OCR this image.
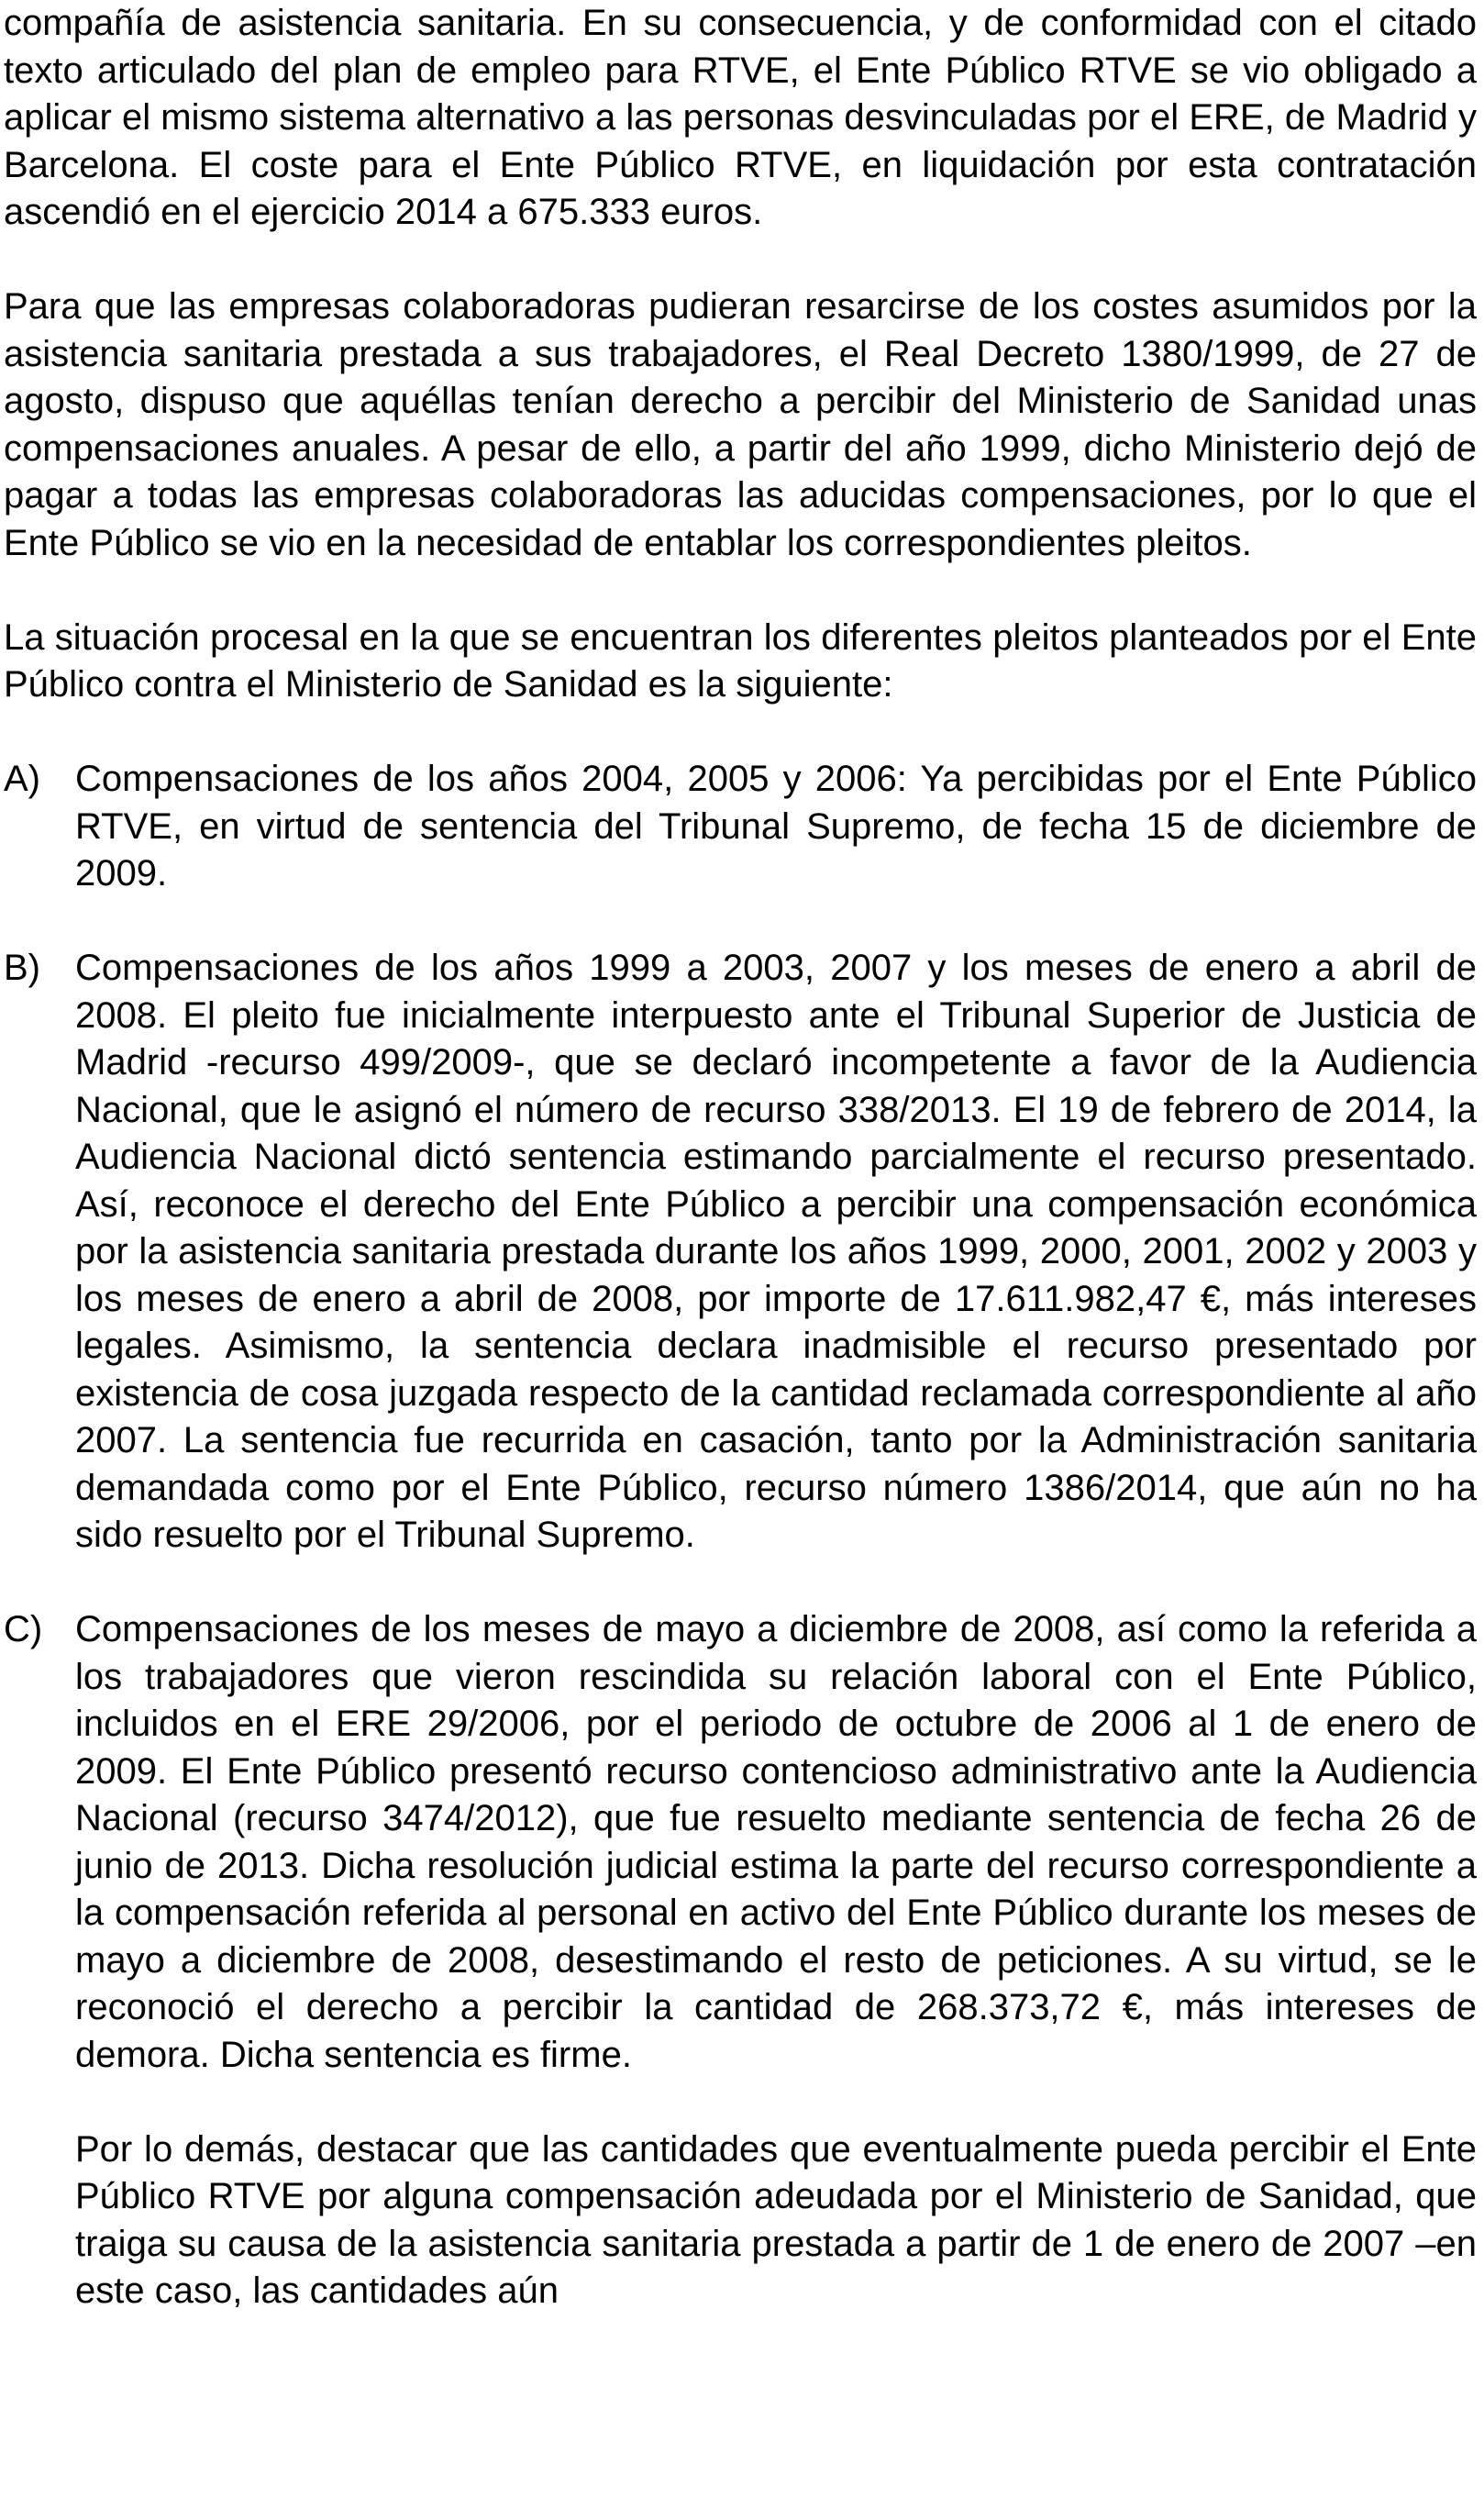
compañía de asistencia sanitaria. En su consecuencia, y de conformidad con el citado texto articulado del plan de empleo para RTVE, el Ente Público RTVE se vio obligado a aplicar el mismo sistema alternativo a las personas desvinculadas por el ERE, de Madrid y Barcelona. El coste para el Ente Público RTVE, en liquidación por esta contratación ascendió en el ejercicio 2014 a 675.333 euros.

Para que las empresas colaboradoras pudieran resarcirse de los costes asumidos por la asistencia sanitaria prestada a sus trabajadores, el Real Decreto 1380/1999, de 27 de agosto, dispuso que aquéllas tenían derecho a percibir del Ministerio de Sanidad unas compensaciones anuales. A pesar de ello, a partir del año 1999, dicho Ministerio dejó de pagar a todas las empresas colaboradoras las aducidas compensaciones, por lo que el Ente Público se vio en la necesidad de entablar los correspondientes pleitos.

La situación procesal en la que se encuentran los diferentes pleitos planteados por el Ente Público contra el Ministerio de Sanidad es la siguiente:

A) Compensaciones de los años 2004, 2005 y 2006: Ya percibidas por el Ente Público RTVE, en virtud de sentencia del Tribunal Supremo, de fecha 15 de diciembre de 2009.

B) Compensaciones de los años 1999 a 2003, 2007 y los meses de enero a abril de 2008. El pleito fue inicialmente interpuesto ante el Tribunal Superior de Justicia de Madrid -recurso 499/2009-, que se declaró incompetente a favor de la Audiencia Nacional, que le asignó el número de recurso 338/2013. El 19 de febrero de 2014, la Audiencia Nacional dictó sentencia estimando parcialmente el recurso presentado. Así, reconoce el derecho del Ente Público a percibir una compensación económica por la asistencia sanitaria prestada durante los años 1999, 2000, 2001, 2002 y 2003 y los meses de enero a abril de 2008, por importe de 17.611.982,47 €, más intereses legales. Asimismo, la sentencia declara inadmisible el recurso presentado por existencia de cosa juzgada respecto de la cantidad reclamada correspondiente al año 2007. La sentencia fue recurrida en casación, tanto por la Administración sanitaria demandada como por el Ente Público, recurso número 1386/2014, que aún no ha sido resuelto por el Tribunal Supremo.

C) Compensaciones de los meses de mayo a diciembre de 2008, así como la referida a los trabajadores que vieron rescindida su relación laboral con el Ente Público, incluidos en el ERE 29/2006, por el periodo de octubre de 2006 al 1 de enero de 2009. El Ente Público presentó recurso contencioso administrativo ante la Audiencia Nacional (recurso 3474/2012), que fue resuelto mediante sentencia de fecha 26 de junio de 2013. Dicha resolución judicial estima la parte del recurso correspondiente a la compensación referida al personal en activo del Ente Público durante los meses de mayo a diciembre de 2008, desestimando el resto de peticiones. A su virtud, se le reconoció el derecho a percibir la cantidad de 268.373,72 €, más intereses de demora. Dicha sentencia es firme.

Por lo demás, destacar que las cantidades que eventualmente pueda percibir el Ente Público RTVE por alguna compensación adeudada por el Ministerio de Sanidad, que traiga su causa de la asistencia sanitaria prestada a partir de 1 de enero de 2007 –en este caso, las cantidades aún
